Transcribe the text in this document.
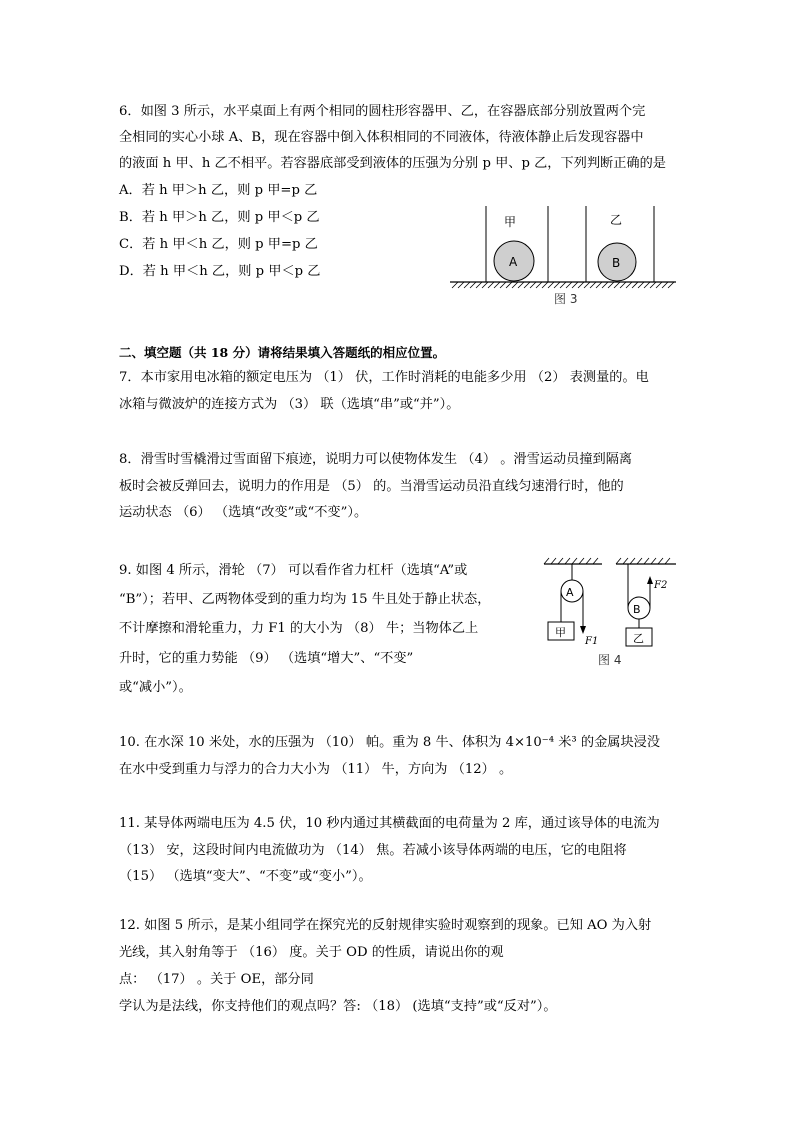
6．如图 3 所示，水平桌面上有两个相同的圆柱形容器甲、乙，在容器底部分别放置两个完
全相同的实心小球 A、B，现在容器中倒入体积相同的不同液体，待液体静止后发现容器中
的液面 h 甲、h 乙不相平。若容器底部受到液体的压强为分别 p 甲、p 乙，下列判断正确的是
A．若 h 甲＞h 乙，则 p 甲=p 乙
B．若 h 甲＞h 乙，则 p 甲＜p 乙
C．若 h 甲＜h 乙，则 p 甲=p 乙
D．若 h 甲＜h 乙，则 p 甲＜p 乙
甲	乙
A	B
图 3
二、填空题（共 18 分）请将结果填入答题纸的相应位置。
7．本市家用电冰箱的额定电压为 （1） 伏，工作时消耗的电能多少用 （2） 表测量的。电
冰箱与微波炉的连接方式为 （3） 联（选填“串”或“并”）。
8．滑雪时雪橇滑过雪面留下痕迹，说明力可以使物体发生 （4） 。滑雪运动员撞到隔离
板时会被反弹回去，说明力的作用是 （5） 的。当滑雪运动员沿直线匀速滑行时，他的
运动状态 （6） （选填“改变”或“不变”）。
9. 如图 4 所示，滑轮 （7） 可以看作省力杠杆（选填“A”或
“B”）；若甲、乙两物体受到的重力均为 15 牛且处于静止状态，
不计摩擦和滑轮重力，力 F1 的大小为 （8） 牛；当物体乙上
升时，它的重力势能 （9） （选填“增大”、“不变”
或“减小”）。
A
B
甲	乙
F1
F2
图 4
10. 在水深 10 米处，水的压强为 （10） 帕。重为 8 牛、体积为 4×10⁻⁴ 米³ 的金属块浸没
在水中受到重力与浮力的合力大小为 （11） 牛，方向为 （12） 。
11. 某导体两端电压为 4.5 伏，10 秒内通过其横截面的电荷量为 2 库，通过该导体的电流为
（13） 安，这段时间内电流做功为 （14） 焦。若减小该导体两端的电压，它的电阻将
（15） （选填“变大”、“不变”或“变小”）。
12. 如图 5 所示，是某小组同学在探究光的反射规律实验时观察到的现象。已知 AO 为入射
光线，其入射角等于 （16） 度。关于 OD 的性质，请说出你的观
点： （17） 。关于 OE，部分同
学认为是法线，你支持他们的观点吗？答: （18） (选填“支持”或“反对”）。
